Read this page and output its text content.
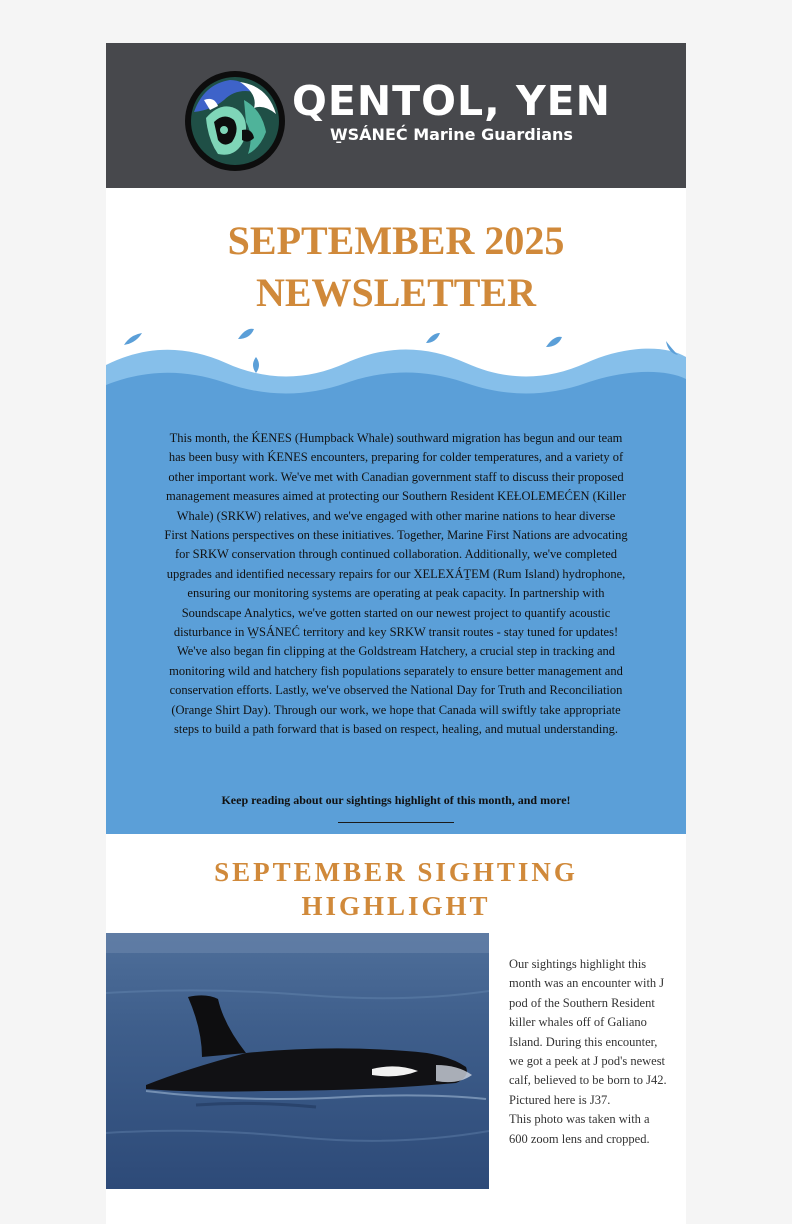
QENTOL, YEN
W̱SÁNEĆ Marine Guardians
SEPTEMBER 2025
NEWSLETTER

This month, the ḰENES (Humpback Whale) southward migration has begun and our team has been busy with ḰENES encounters, preparing for colder temperatures, and a variety of other important work. We've met with Canadian government staff to discuss their proposed management measures aimed at protecting our Southern Resident KEȽOLEMEĆEN (Killer Whale) (SRKW) relatives, and we've engaged with other marine nations to hear diverse First Nations perspectives on these initiatives. Together, Marine First Nations are advocating for SRKW conservation through continued collaboration. Additionally, we've completed upgrades and identified necessary repairs for our XELEXÁṮEM (Rum Island) hydrophone, ensuring our monitoring systems are operating at peak capacity. In partnership with Soundscape Analytics, we've gotten started on our newest project to quantify acoustic disturbance in W̱SÁNEĆ territory and key SRKW transit routes - stay tuned for updates! We've also began fin clipping at the Goldstream Hatchery, a crucial step in tracking and monitoring wild and hatchery fish populations separately to ensure better management and conservation efforts. Lastly, we've observed the National Day for Truth and Reconciliation (Orange Shirt Day). Through our work, we hope that Canada will swiftly take appropriate steps to build a path forward that is based on respect, healing, and mutual understanding.

Keep reading about our sightings highlight of this month, and more!
SEPTEMBER SIGHTING
HIGHLIGHT

Our sightings highlight this month was an encounter with J pod of the Southern Resident killer whales off of Galiano Island. During this encounter, we got a peek at J pod's newest calf, believed to be born to J42.

Pictured here is J37.

This photo was taken with a 600 zoom lens and cropped.
